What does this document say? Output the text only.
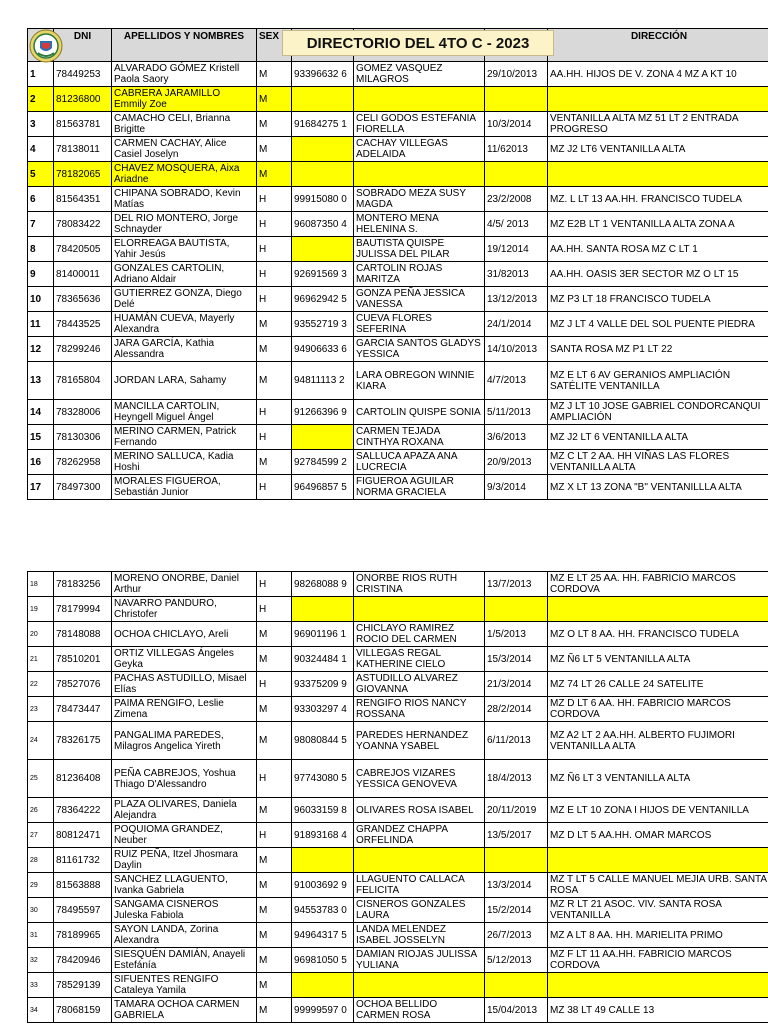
	DNI	APELLIDOS Y NOMBRES	SEX				DIRECCIÓN
1	78449253	ALVARADO GÓMEZ Kristell Paola Saory	M	93396632 6	GOMEZ VASQUEZ MILAGROS	29/10/2013	AA.HH. HIJOS DE V. ZONA 4 MZ A KT 10
2	81236800	CABRERA JARAMILLO Emmily Zoe	M				
3	81563781	CAMACHO CELI, Brianna Brigitte	M	91684275 1	CELI GODOS ESTEFANIA FIORELLA	10/3/2014	VENTANILLA ALTA MZ 51 LT 2 ENTRADA PROGRESO
4	78138011	CARMEN CACHAY, Alice Casiel Joselyn	M		CACHAY VILLEGAS ADELAIDA	11/62013	MZ J2 LT6 VENTANILLA ALTA
5	78182065	CHAVEZ MOSQUERA, Aixa Ariadne	M				
6	81564351	CHIPANA SOBRADO, Kevin Matías	H	99915080 0	SOBRADO MEZA SUSY MAGDA	23/2/2008	MZ. L LT 13 AA.HH. FRANCISCO TUDELA
7	78083422	DEL RIO MONTERO, Jorge Schnayder	H	96087350 4	MONTERO MENA HELENINA S.	4/5/ 2013	MZ E2B LT 1 VENTANILLA ALTA ZONA A
8	78420505	ELORREAGA BAUTISTA, Yahir Jesús	H		BAUTISTA QUISPE JULISSA DEL PILAR	19/12014	AA.HH. SANTA ROSA MZ C LT 1
9	81400011	GONZALES CARTOLIN, Adriano Aldair	H	92691569 3	CARTOLIN ROJAS MARITZA	31/82013	AA.HH. OASIS 3ER SECTOR MZ O LT 15
10	78365636	GUTIERREZ GONZA, Diego Delé	H	96962942 5	GONZA PEÑA JESSICA VANESSA	13/12/2013	MZ P3 LT 18 FRANCISCO TUDELA
11	78443525	HUAMÁN CUEVA, Mayerly Alexandra	M	93552719 3	CUEVA FLORES SEFERINA	24/1/2014	MZ J LT 4 VALLE DEL SOL PUENTE PIEDRA
12	78299246	JARA GARCÍA, Kathia Alessandra	M	94906633 6	GARCIA SANTOS GLADYS YESSICA	14/10/2013	SANTA ROSA MZ P1 LT 22
13	78165804	JORDAN LARA, Sahamy	M	94811113 2	LARA OBREGON WINNIE KIARA	4/7/2013	MZ E LT 6 AV GERANIOS AMPLIACIÓN SATÉLITE VENTANILLA
14	78328006	MANCILLA CARTOLIN, Heyngell Miguel Ángel	H	91266396 9	CARTOLIN QUISPE SONIA	5/11/2013	MZ J LT 10 JOSE GABRIEL CONDORCANQUI AMPLIACIÓN
15	78130306	MERINO CARMEN, Patrick Fernando	H		CARMEN TEJADA CINTHYA ROXANA	3/6/2013	MZ J2 LT 6 VENTANILLA ALTA
16	78262958	MERINO SALLUCA, Kadia Hoshi	M	92784599 2	SALLUCA APAZA ANA LUCRECIA	20/9/2013	MZ C LT 2 AA. HH VIÑAS LAS FLORES VENTANILLA ALTA
17	78497300	MORALES FIGUEROA, Sebastián Junior	H	96496857 5	FIGUEROA AGUILAR NORMA GRACIELA	9/3/2014	MZ X LT 13 ZONA "B" VENTANILLLA ALTA
18	78183256	MORENO ONORBE, Daniel Arthur	H	98268088 9	ONORBE RIOS RUTH CRISTINA	13/7/2013	MZ E LT 25 AA. HH. FABRICIO MARCOS CORDOVA
19	78179994	NAVARRO PANDURO, Christofer	H				
20	78148088	OCHOA CHICLAYO, Areli	M	96901196 1	CHICLAYO RAMIREZ ROCIO DEL CARMEN	1/5/2013	MZ O LT 8 AA. HH. FRANCISCO TUDELA
21	78510201	ORTIZ VILLEGAS Ángeles Geyka	M	90324484 1	VILLEGAS REGAL KATHERINE CIELO	15/3/2014	MZ Ñ6 LT 5 VENTANILLA ALTA
22	78527076	PACHAS ASTUDILLO, Misael Elías	H	93375209 9	ASTUDILLO ALVAREZ GIOVANNA	21/3/2014	MZ 74 LT 26 CALLE 24 SATELITE
23	78473447	PAIMA RENGIFO, Leslie Zimena	M	93303297 4	RENGIFO RIOS NANCY ROSSANA	28/2/2014	MZ D LT 6 AA. HH. FABRICIO MARCOS CORDOVA
24	78326175	PANGALIMA PAREDES, Milagros Angelica Yireth	M	98080844 5	PAREDES HERNANDEZ YOANNA YSABEL	6/11/2013	MZ A2 LT 2 AA.HH. ALBERTO FUJIMORI VENTANILLA ALTA
25	81236408	PEÑA CABREJOS, Yoshua Thiago D'Alessandro	H	97743080 5	CABREJOS VIZARES YESSICA GENOVEVA	18/4/2013	MZ Ñ6 LT 3 VENTANILLA ALTA
26	78364222	PLAZA OLIVARES, Daniela Alejandra	M	96033159 8	OLIVARES ROSA ISABEL	20/11/2019	MZ E LT 10 ZONA I HIJOS DE VENTANILLA
27	80812471	POQUIOMA GRANDEZ, Neuber	H	91893168 4	GRANDEZ CHAPPA ORFELINDA	13/5/2017	MZ D LT 5 AA.HH. OMAR MARCOS
28	81161732	RUIZ PEÑA, Itzel Jhosmara Daylin	M				
29	81563888	SANCHEZ LLAGUENTO, Ivanka Gabriela	M	91003692 9	LLAGUENTO CALLACA FELICITA	13/3/2014	MZ T LT 5 CALLE MANUEL MEJIA URB. SANTA ROSA
30	78495597	SANGAMA CISNEROS Juleska Fabiola	M	94553783 0	CISNEROS GONZALES LAURA	15/2/2014	MZ R LT 21 ASOC. VIV. SANTA ROSA VENTANILLA
31	78189965	SAYON LANDA, Zorina Alexandra	M	94964317 5	LANDA MELENDEZ ISABEL JOSSELYN	26/7/2013	MZ A LT 8 AA. HH. MARIELITA PRIMO
32	78420946	SIESQUÉN DAMIÁN, Anayeli Estefánía	M	96981050 5	DAMIAN RIOJAS JULISSA YULIANA	5/12/2013	MZ F LT 11 AA.HH. FABRICIO MARCOS CORDOVA
33	78529139	SIFUENTES RENGIFO Cataleya Yamila	M				
34	78068159	TAMARA OCHOA CARMEN GABRIELA	M	99999597 0	OCHOA BELLIDO CARMEN ROSA	15/04/2013	MZ 38 LT 49 CALLE 13
DIRECTORIO DEL 4TO C - 2023
